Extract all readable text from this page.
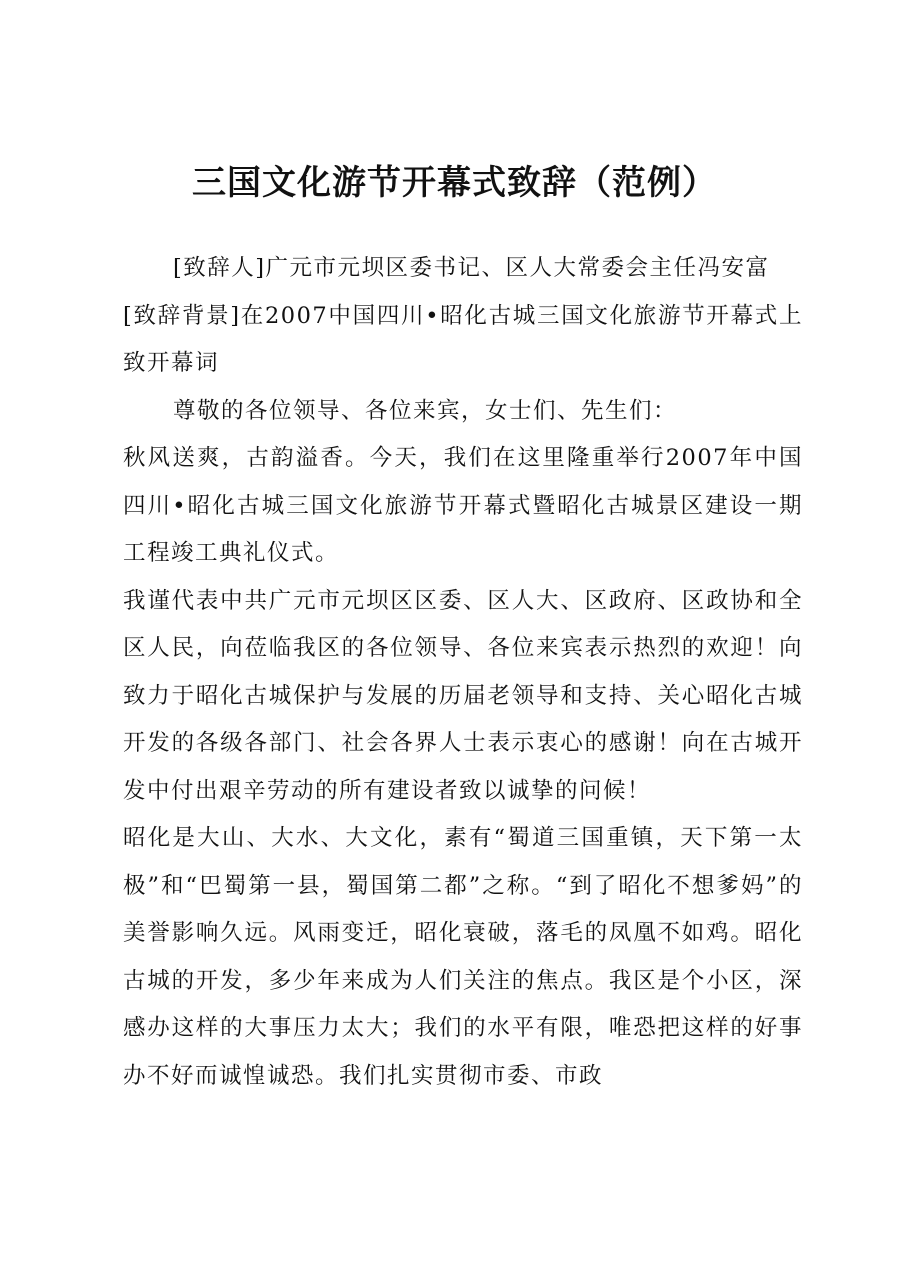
三国文化游节开幕式致辞（范例）

[致辞人]广元市元坝区委书记、区人大常委会主任冯安富

[致辞背景]在2007中国四川•昭化古城三国文化旅游节开幕式上致开幕词

尊敬的各位领导、各位来宾，女士们、先生们：

秋风送爽，古韵溢香。今天，我们在这里隆重举行2007年中国四川•昭化古城三国文化旅游节开幕式暨昭化古城景区建设一期工程竣工典礼仪式。

我谨代表中共广元市元坝区区委、区人大、区政府、区政协和全区人民，向莅临我区的各位领导、各位来宾表示热烈的欢迎！向致力于昭化古城保护与发展的历届老领导和支持、关心昭化古城开发的各级各部门、社会各界人士表示衷心的感谢！向在古城开发中付出艰辛劳动的所有建设者致以诚挚的问候！

昭化是大山、大水、大文化，素有“蜀道三国重镇，天下第一太极”和“巴蜀第一县，蜀国第二都”之称。“到了昭化不想爹妈”的美誉影响久远。风雨变迁，昭化衰破，落毛的凤凰不如鸡。昭化古城的开发，多少年来成为人们关注的焦点。我区是个小区，深感办这样的大事压力太大；我们的水平有限，唯恐把这样的好事办不好而诚惶诚恐。我们扎实贯彻市委、市政
